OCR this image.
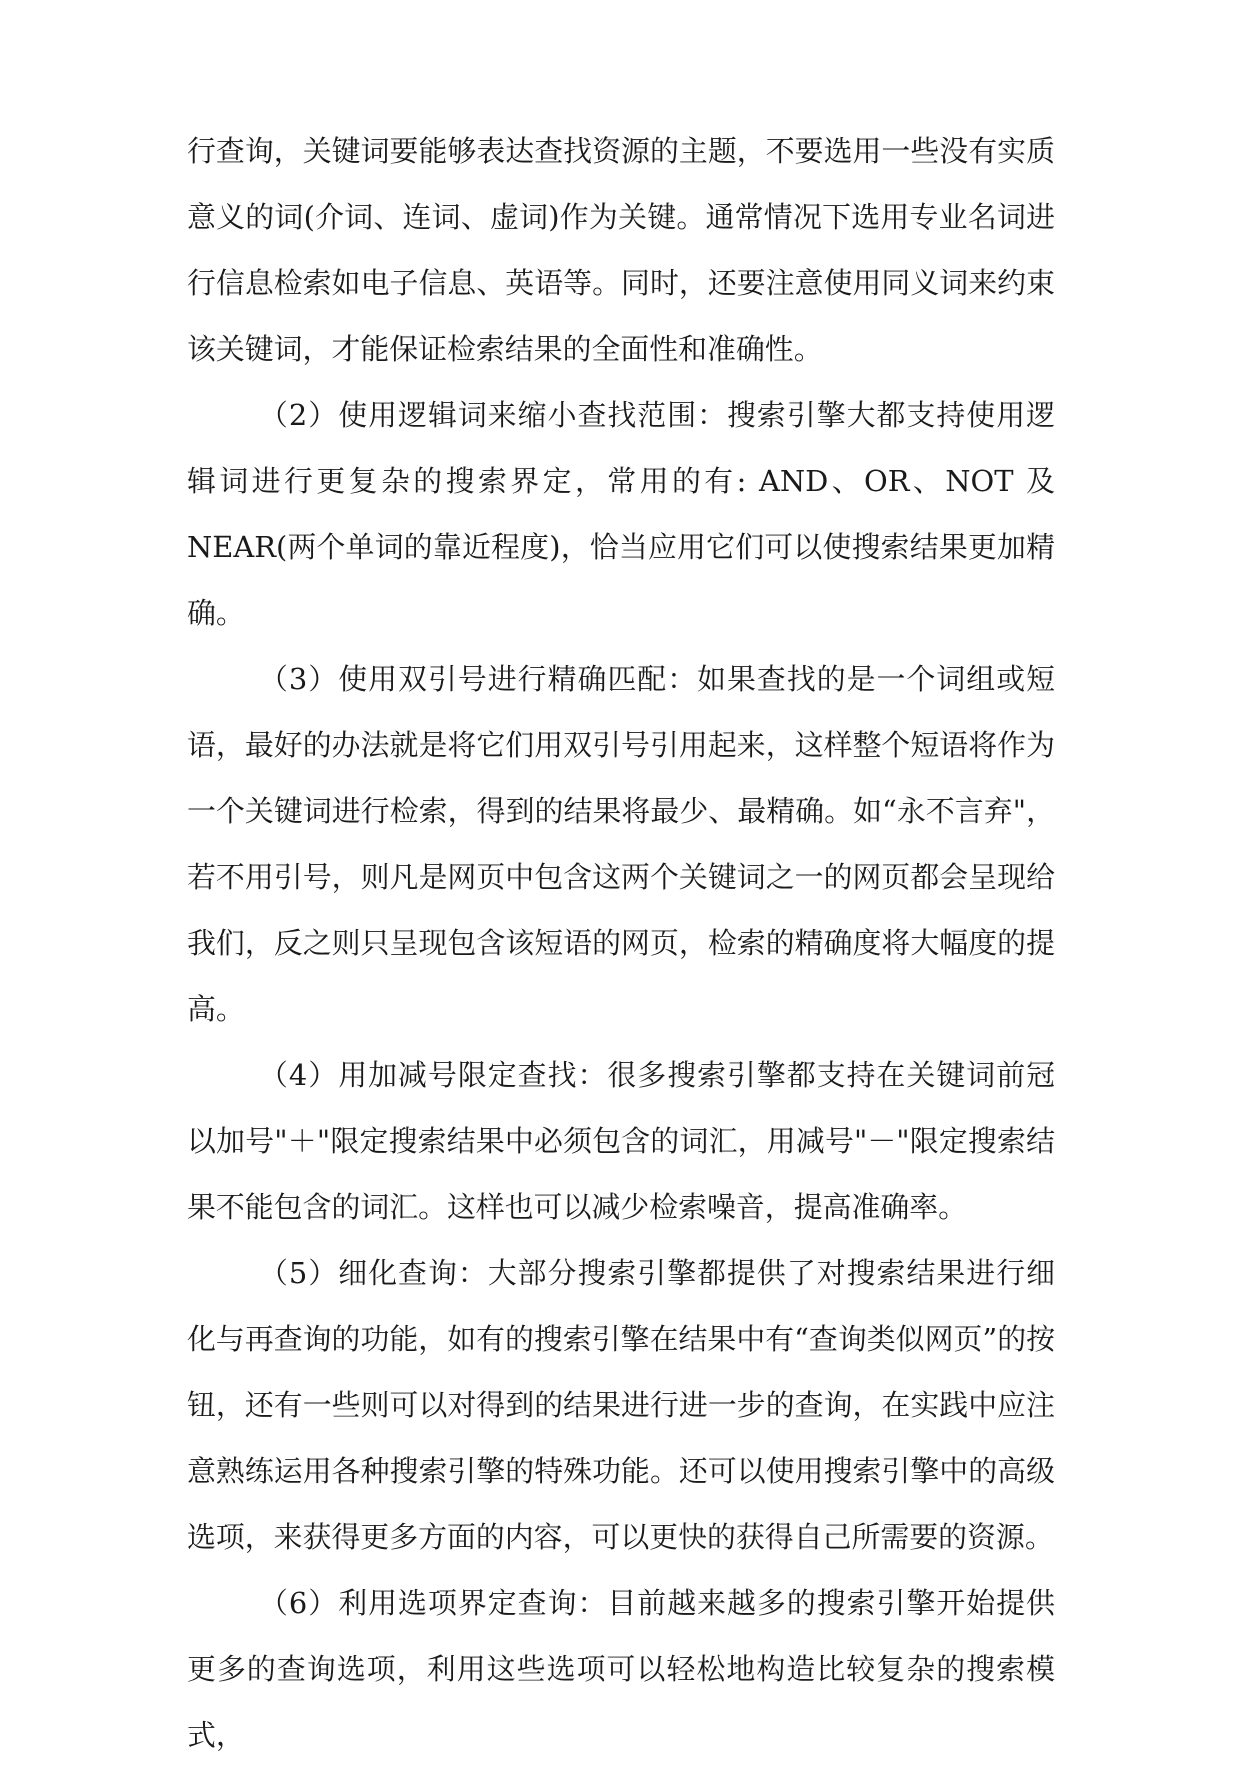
行查询，关键词要能够表达查找资源的主题，不要选用一些没有实质意义的词(介词、连词、虚词)作为关键。通常情况下选用专业名词进行信息检索如电子信息、英语等。同时，还要注意使用同义词来约束该关键词，才能保证检索结果的全面性和准确性。

（2）使用逻辑词来缩小查找范围：搜索引擎大都支持使用逻辑词进行更复杂的搜索界定，常用的有: AND、OR、NOT 及 NEAR(两个单词的靠近程度)，恰当应用它们可以使搜索结果更加精确。

（3）使用双引号进行精确匹配：如果查找的是一个词组或短语，最好的办法就是将它们用双引号引用起来，这样整个短语将作为一个关键词进行检索，得到的结果将最少、最精确。如“永不言弃"，若不用引号，则凡是网页中包含这两个关键词之一的网页都会呈现给我们，反之则只呈现包含该短语的网页，检索的精确度将大幅度的提高。

（4）用加减号限定查找：很多搜索引擎都支持在关键词前冠以加号"＋"限定搜索结果中必须包含的词汇，用减号"－"限定搜索结果不能包含的词汇。这样也可以减少检索噪音，提高准确率。

（5）细化查询：大部分搜索引擎都提供了对搜索结果进行细化与再查询的功能，如有的搜索引擎在结果中有“查询类似网页”的按钮，还有一些则可以对得到的结果进行进一步的查询，在实践中应注意熟练运用各种搜索引擎的特殊功能。还可以使用搜索引擎中的高级选项，来获得更多方面的内容，可以更快的获得自己所需要的资源。

（6）利用选项界定查询：目前越来越多的搜索引擎开始提供更多的查询选项，利用这些选项可以轻松地构造比较复杂的搜索模式，
